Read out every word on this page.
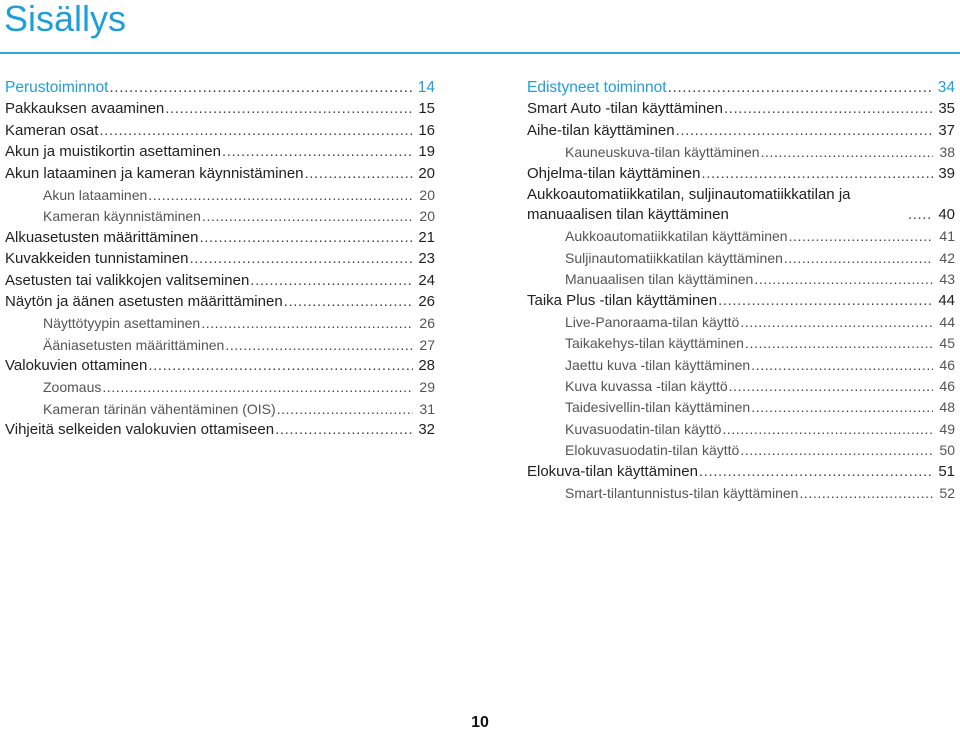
Sisällys
Perustoiminnot .....	14
Pakkauksen avaaminen .....	15
Kameran osat .....	16
Akun ja muistikortin asettaminen .....	19
Akun lataaminen ja kameran käynnistäminen .....	20
Akun lataaminen .....	20
Kameran käynnistäminen .....	20
Alkuasetusten määrittäminen .....	21
Kuvakkeiden tunnistaminen .....	23
Asetusten tai valikkojen valitseminen .....	24
Näytön ja äänen asetusten määrittäminen .....	26
Näyttötyypin asettaminen .....	26
Ääniasetusten määrittäminen .....	27
Valokuvien ottaminen .....	28
Zoomaus .....	29
Kameran tärinän vähentäminen (OIS) .....	31
Vihjeitä selkeiden valokuvien ottamiseen .....	32
Edistyneet toiminnot .....	34
Smart Auto -tilan käyttäminen .....	35
Aihe-tilan käyttäminen .....	37
Kauneuskuva-tilan käyttäminen .....	38
Ohjelma-tilan käyttäminen .....	39
Aukkoautomatiikkatilan, suljinautomatiikkatilan ja manuaalisen tilan käyttäminen .....	40
Aukkoautomatiikkatilan käyttäminen .....	41
Suljinautomatiikkatilan käyttäminen .....	42
Manuaalisen tilan käyttäminen .....	43
Taika Plus -tilan käyttäminen .....	44
Live-Panoraama-tilan käyttö .....	44
Taikakehys-tilan käyttäminen .....	45
Jaettu kuva -tilan käyttäminen .....	46
Kuva kuvassa -tilan käyttö .....	46
Taidesivellin-tilan käyttäminen .....	48
Kuvasuodatin-tilan käyttö .....	49
Elokuvasuodatin-tilan käyttö .....	50
Elokuva-tilan käyttäminen .....	51
Smart-tilantunnistus-tilan käyttäminen .....	52
10
